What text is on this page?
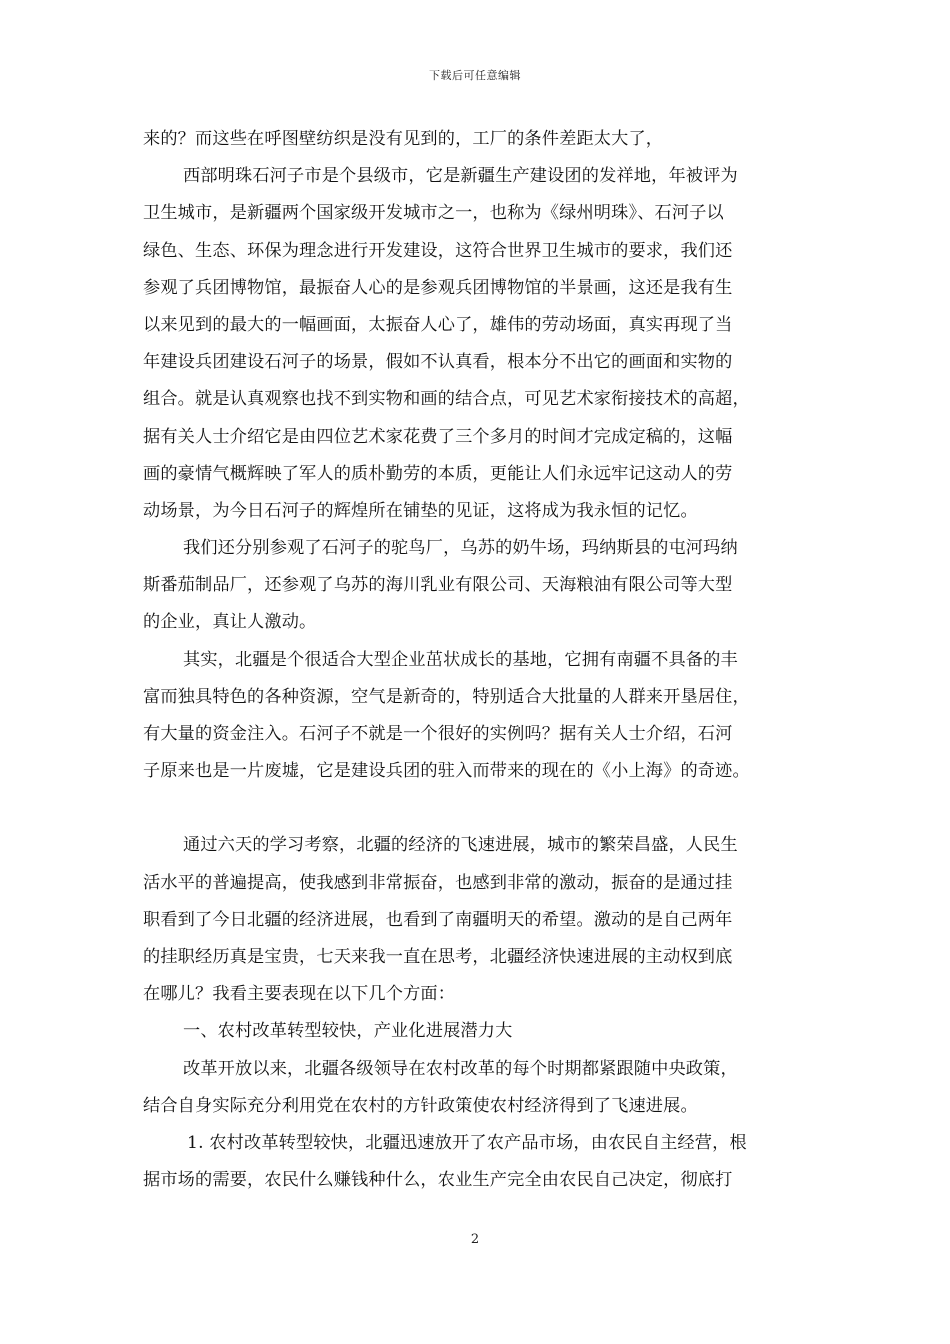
下载后可任意编辑
来的？而这些在呼图壁纺织是没有见到的，工厂的条件差距太大了，
西部明珠石河子市是个县级市，它是新疆生产建设团的发祥地，年被评为
卫生城市，是新疆两个国家级开发城市之一，也称为《绿州明珠》、石河子以
绿色、生态、环保为理念进行开发建设，这符合世界卫生城市的要求，我们还
参观了兵团博物馆，最振奋人心的是参观兵团博物馆的半景画，这还是我有生
以来见到的最大的一幅画面，太振奋人心了，雄伟的劳动场面，真实再现了当
年建设兵团建设石河子的场景，假如不认真看，根本分不出它的画面和实物的
组合。就是认真观察也找不到实物和画的结合点，可见艺术家衔接技术的高超，
据有关人士介绍它是由四位艺术家花费了三个多月的时间才完成定稿的，这幅
画的豪情气概辉映了军人的质朴勤劳的本质，更能让人们永远牢记这动人的劳
动场景，为今日石河子的辉煌所在铺垫的见证，这将成为我永恒的记忆。
我们还分别参观了石河子的驼鸟厂，乌苏的奶牛场，玛纳斯县的屯河玛纳
斯番茄制品厂，还参观了乌苏的海川乳业有限公司、天海粮油有限公司等大型
的企业，真让人激动。
其实，北疆是个很适合大型企业茁状成长的基地，它拥有南疆不具备的丰
富而独具特色的各种资源，空气是新奇的，特别适合大批量的人群来开垦居住，
有大量的资金注入。石河子不就是一个很好的实例吗？据有关人士介绍，石河
子原来也是一片废墟，它是建设兵团的驻入而带来的现在的《小上海》的奇迹。
通过六天的学习考察，北疆的经济的飞速进展，城市的繁荣昌盛，人民生
活水平的普遍提高，使我感到非常振奋，也感到非常的激动，振奋的是通过挂
职看到了今日北疆的经济进展，也看到了南疆明天的希望。激动的是自己两年
的挂职经历真是宝贵，七天来我一直在思考，北疆经济快速进展的主动权到底
在哪儿？我看主要表现在以下几个方面：
一、农村改革转型较快，产业化进展潜力大
改革开放以来，北疆各级领导在农村改革的每个时期都紧跟随中央政策，
结合自身实际充分利用党在农村的方针政策使农村经济得到了飞速进展。
1. 农村改革转型较快，北疆迅速放开了农产品市场，由农民自主经营，根
据市场的需要，农民什么赚钱种什么，农业生产完全由农民自己决定，彻底打
2
